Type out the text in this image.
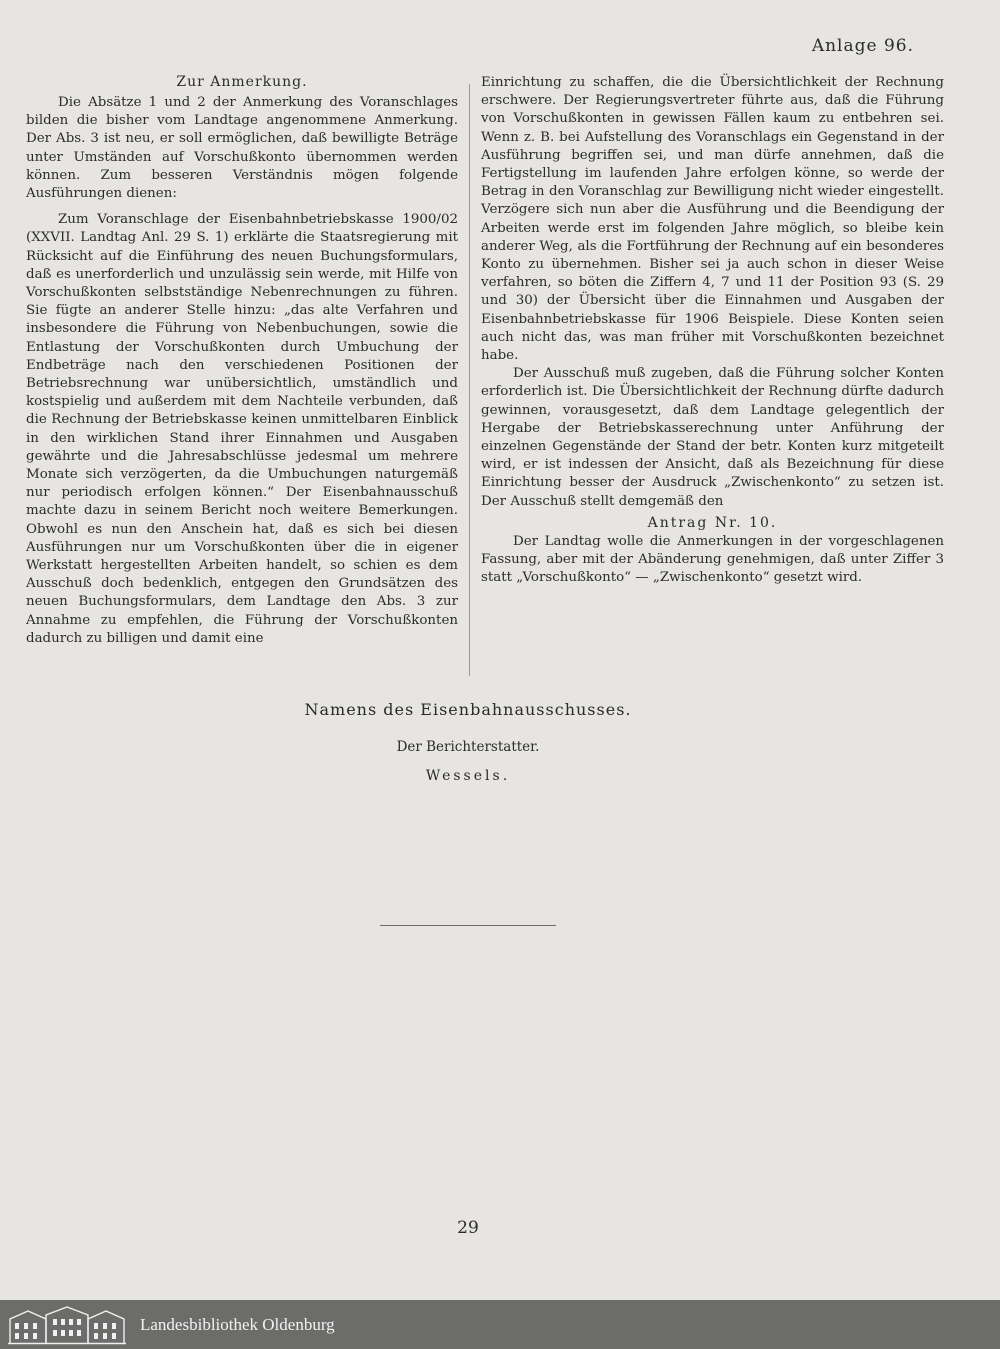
Anlage 96.
Zur Anmerkung.

Die Absätze 1 und 2 der Anmerkung des Voranschlages bilden die bisher vom Landtage angenommene Anmerkung. Der Abs. 3 ist neu, er soll ermöglichen, daß bewilligte Beträge unter Umständen auf Vorschußkonto übernommen werden können. Zum besseren Verständnis mögen folgende Ausführungen dienen:

Zum Voranschlage der Eisenbahnbetriebskasse 1900/02 (XXVII. Landtag Anl. 29 S. 1) erklärte die Staatsregierung mit Rücksicht auf die Einführung des neuen Buchungsformulars, daß es unerforderlich und unzulässig sein werde, mit Hilfe von Vorschußkonten selbstständige Nebenrechnungen zu führen. Sie fügte an anderer Stelle hinzu: „das alte Verfahren und insbesondere die Führung von Nebenbuchungen, sowie die Entlastung der Vorschußkonten durch Umbuchung der Endbeträge nach den verschiedenen Positionen der Betriebsrechnung war unübersichtlich, umständlich und kostspielig und außerdem mit dem Nachteile verbunden, daß die Rechnung der Betriebskasse keinen unmittelbaren Einblick in den wirklichen Stand ihrer Einnahmen und Ausgaben gewährte und die Jahresabschlüsse jedesmal um mehrere Monate sich verzögerten, da die Umbuchungen naturgemäß nur periodisch erfolgen können.“ Der Eisenbahnausschuß machte dazu in seinem Bericht noch weitere Bemerkungen. Obwohl es nun den Anschein hat, daß es sich bei diesen Ausführungen nur um Vorschußkonten über die in eigener Werkstatt hergestellten Arbeiten handelt, so schien es dem Ausschuß doch bedenklich, entgegen den Grundsätzen des neuen Buchungsformulars, dem Landtage den Abs. 3 zur Annahme zu empfehlen, die Führung der Vorschußkonten dadurch zu billigen und damit eine

Einrichtung zu schaffen, die die Übersichtlichkeit der Rechnung erschwere. Der Regierungsvertreter führte aus, daß die Führung von Vorschußkonten in gewissen Fällen kaum zu entbehren sei. Wenn z. B. bei Aufstellung des Voranschlags ein Gegenstand in der Ausführung begriffen sei, und man dürfe annehmen, daß die Fertigstellung im laufenden Jahre erfolgen könne, so werde der Betrag in den Voranschlag zur Bewilligung nicht wieder eingestellt. Verzögere sich nun aber die Ausführung und die Beendigung der Arbeiten werde erst im folgenden Jahre möglich, so bleibe kein anderer Weg, als die Fortführung der Rechnung auf ein besonderes Konto zu übernehmen. Bisher sei ja auch schon in dieser Weise verfahren, so böten die Ziffern 4, 7 und 11 der Position 93 (S. 29 und 30) der Übersicht über die Einnahmen und Ausgaben der Eisenbahnbetriebskasse für 1906 Beispiele. Diese Konten seien auch nicht das, was man früher mit Vorschußkonten bezeichnet habe.

Der Ausschuß muß zugeben, daß die Führung solcher Konten erforderlich ist. Die Übersichtlichkeit der Rechnung dürfte dadurch gewinnen, vorausgesetzt, daß dem Landtage gelegentlich der Hergabe der Betriebskasserechnung unter Anführung der einzelnen Gegenstände der Stand der betr. Konten kurz mitgeteilt wird, er ist indessen der Ansicht, daß als Bezeichnung für diese Einrichtung besser der Ausdruck „Zwischenkonto“ zu setzen ist. Der Ausschuß stellt demgemäß den

Antrag Nr. 10.

Der Landtag wolle die Anmerkungen in der vorgeschlagenen Fassung, aber mit der Abänderung genehmigen, daß unter Ziffer 3 statt „Vorschußkonto“ — „Zwischenkonto“ gesetzt wird.

Namens des Eisenbahnausschusses.
Der Berichterstatter.
Wessels.
29
Landesbibliothek Oldenburg
